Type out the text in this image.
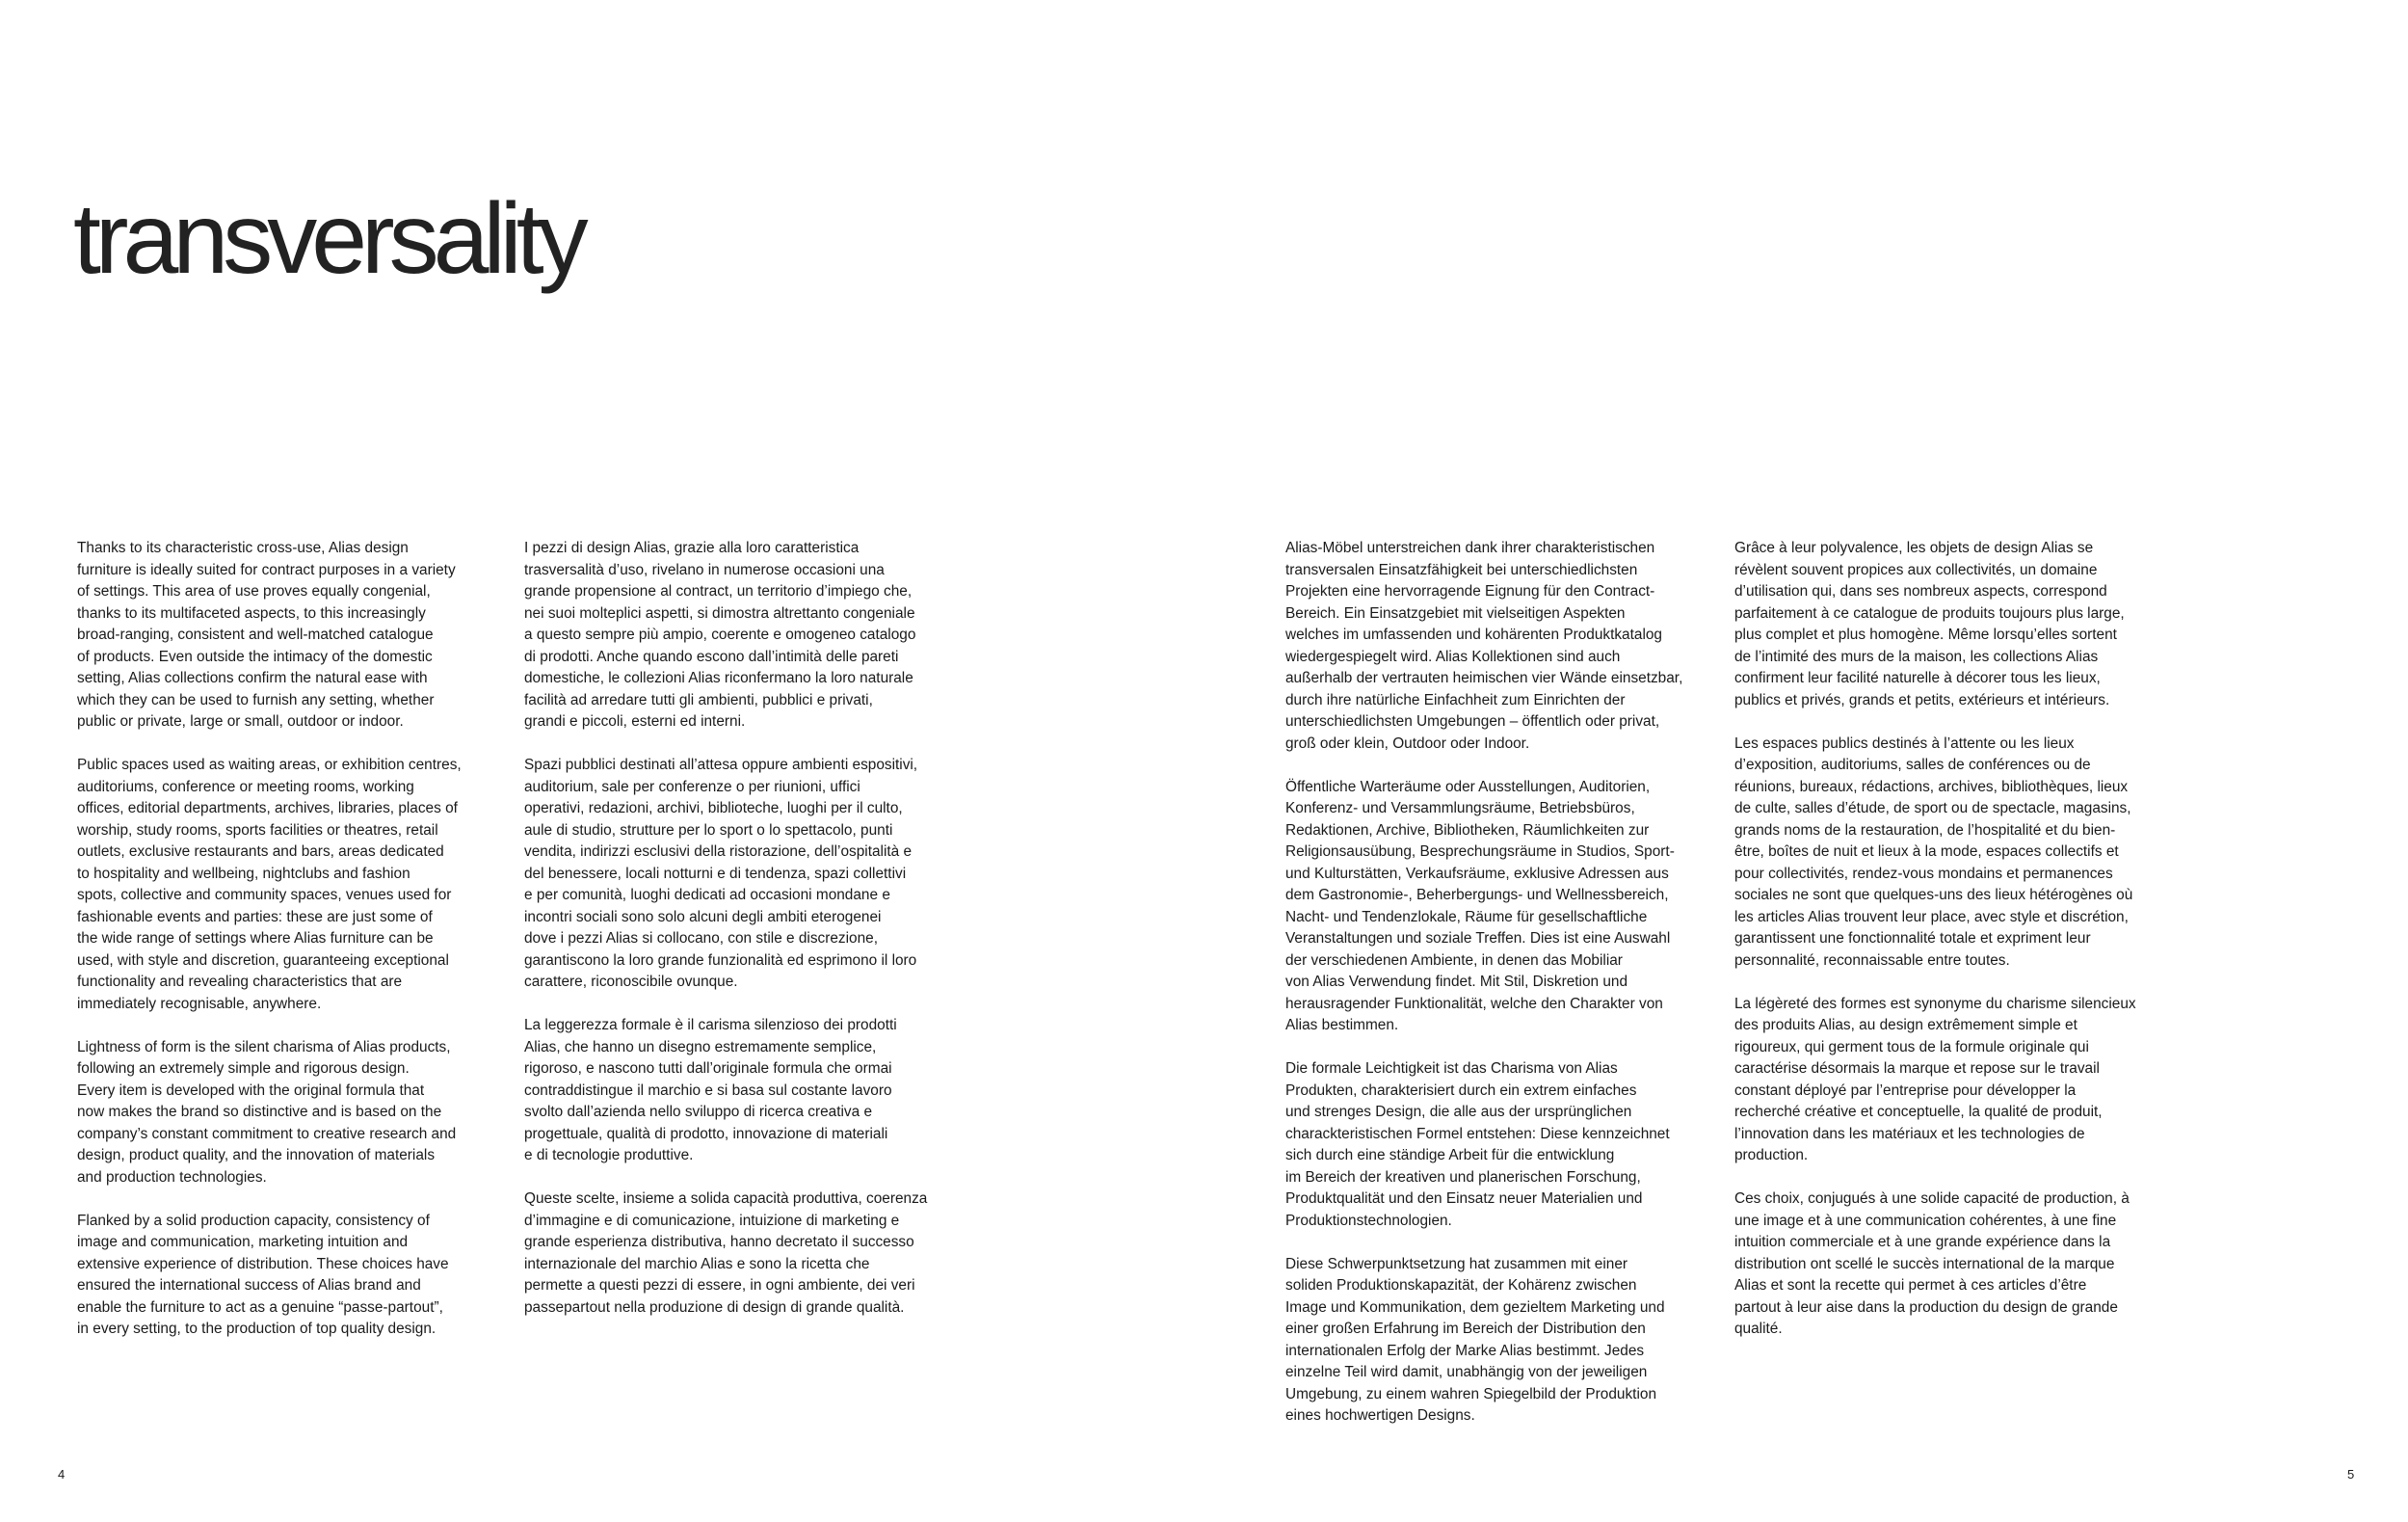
transversality

Thanks to its characteristic cross-use, Alias design
furniture is ideally suited for contract purposes in a variety
of settings. This area of use proves equally congenial,
thanks to its multifaceted aspects, to this increasingly
broad-ranging, consistent and well-matched catalogue
of products. Even outside the intimacy of the domestic
setting, Alias collections confirm the natural ease with
which they can be used to furnish any setting, whether
public or private, large or small, outdoor or indoor.

Public spaces used as waiting areas, or exhibition centres,
auditoriums, conference or meeting rooms, working
offices, editorial departments, archives, libraries, places of
worship, study rooms, sports facilities or theatres, retail
outlets, exclusive restaurants and bars, areas dedicated
to hospitality and wellbeing, nightclubs and fashion
spots, collective and community spaces, venues used for
fashionable events and parties: these are just some of
the wide range of settings where Alias furniture can be
used, with style and discretion, guaranteeing exceptional
functionality and revealing characteristics that are
immediately recognisable, anywhere.

Lightness of form is the silent charisma of Alias products,
following an extremely simple and rigorous design.
Every item is developed with the original formula that
now makes the brand so distinctive and is based on the
company’s constant commitment to creative research and
design, product quality, and the innovation of materials
and production technologies.

Flanked by a solid production capacity, consistency of
image and communication, marketing intuition and
extensive experience of distribution. These choices have
ensured the international success of Alias brand and
enable the furniture to act as a genuine “passe-partout”,
in every setting, to the production of top quality design.

I pezzi di design Alias, grazie alla loro caratteristica
trasversalità d’uso, rivelano in numerose occasioni una
grande propensione al contract, un territorio d’impiego che,
nei suoi molteplici aspetti, si dimostra altrettanto congeniale
a questo sempre più ampio, coerente e omogeneo catalogo
di prodotti. Anche quando escono dall’intimità delle pareti
domestiche, le collezioni Alias riconfermano la loro naturale
facilità ad arredare tutti gli ambienti, pubblici e privati,
grandi e piccoli, esterni ed interni.

Spazi pubblici destinati all’attesa oppure ambienti espositivi,
auditorium, sale per conferenze o per riunioni, uffici
operativi, redazioni, archivi, biblioteche, luoghi per il culto,
aule di studio, strutture per lo sport o lo spettacolo, punti
vendita, indirizzi esclusivi della ristorazione, dell’ospitalità e
del benessere, locali notturni e di tendenza, spazi collettivi
e per comunità, luoghi dedicati ad occasioni mondane e
incontri sociali sono solo alcuni degli ambiti eterogenei
dove i pezzi Alias si collocano, con stile e discrezione,
garantiscono la loro grande funzionalità ed esprimono il loro
carattere, riconoscibile ovunque.

La leggerezza formale è il carisma silenzioso dei prodotti
Alias, che hanno un disegno estremamente semplice,
rigoroso, e nascono tutti dall’originale formula che ormai
contraddistingue il marchio e si basa sul costante lavoro
svolto dall’azienda nello sviluppo di ricerca creativa e
progettuale, qualità di prodotto, innovazione di materiali
e di tecnologie produttive.

Queste scelte, insieme a solida capacità produttiva, coerenza
d’immagine e di comunicazione, intuizione di marketing e
grande esperienza distributiva, hanno decretato il successo
internazionale del marchio Alias e sono la ricetta che
permette a questi pezzi di essere, in ogni ambiente, dei veri
passepartout nella produzione di design di grande qualità.

Alias-Möbel unterstreichen dank ihrer charakteristischen
transversalen Einsatzfähigkeit bei unterschiedlichsten
Projekten eine hervorragende Eignung für den Contract-
Bereich. Ein Einsatzgebiet mit vielseitigen Aspekten
welches im umfassenden und kohärenten Produktkatalog
wiedergespiegelt wird. Alias Kollektionen sind auch
außerhalb der vertrauten heimischen vier Wände einsetzbar,
durch ihre natürliche Einfachheit zum Einrichten der
unterschiedlichsten Umgebungen – öffentlich oder privat,
groß oder klein, Outdoor oder Indoor.

Öffentliche Warteräume oder Ausstellungen, Auditorien,
Konferenz- und Versammlungsräume, Betriebsbüros,
Redaktionen, Archive, Bibliotheken, Räumlichkeiten zur
Religionsausübung, Besprechungsräume in Studios, Sport-
und Kulturstätten, Verkaufsräume, exklusive Adressen aus
dem Gastronomie-, Beherbergungs- und Wellnessbereich,
Nacht- und Tendenzlokale, Räume für gesellschaftliche
Veranstaltungen und soziale Treffen. Dies ist eine Auswahl
der verschiedenen Ambiente, in denen das Mobiliar
von Alias Verwendung findet. Mit Stil, Diskretion und
herausragender Funktionalität, welche den Charakter von
Alias bestimmen.

Die formale Leichtigkeit ist das Charisma von Alias
Produkten, charakterisiert durch ein extrem einfaches
und strenges Design, die alle aus der ursprünglichen
charackteristischen Formel entstehen: Diese kennzeichnet
sich durch eine ständige Arbeit für die entwicklung
im Bereich der kreativen und planerischen Forschung,
Produktqualität und den Einsatz neuer Materialien und
Produktionstechnologien.

Diese Schwerpunktsetzung hat zusammen mit einer
soliden Produktionskapazität, der Kohärenz zwischen
Image und Kommunikation, dem gezieltem Marketing und
einer großen Erfahrung im Bereich der Distribution den
internationalen Erfolg der Marke Alias bestimmt. Jedes
einzelne Teil wird damit, unabhängig von der jeweiligen
Umgebung, zu einem wahren Spiegelbild der Produktion
eines hochwertigen Designs.

Grâce à leur polyvalence, les objets de design Alias se
révèlent souvent propices aux collectivités, un domaine
d’utilisation qui, dans ses nombreux aspects, correspond
parfaitement à ce catalogue de produits toujours plus large,
plus complet et plus homogène. Même lorsqu’elles sortent
de l’intimité des murs de la maison, les collections Alias
confirment leur facilité naturelle à décorer tous les lieux,
publics et privés, grands et petits, extérieurs et intérieurs.

Les espaces publics destinés à l’attente ou les lieux
d’exposition, auditoriums, salles de conférences ou de
réunions, bureaux, rédactions, archives, bibliothèques, lieux
de culte, salles d’étude, de sport ou de spectacle, magasins,
grands noms de la restauration, de l’hospitalité et du bien-
être, boîtes de nuit et lieux à la mode, espaces collectifs et
pour collectivités, rendez-vous mondains et permanences
sociales ne sont que quelques-uns des lieux hétérogènes où
les articles Alias trouvent leur place, avec style et discrétion,
garantissent une fonctionnalité totale et expriment leur
personnalité, reconnaissable entre toutes.

La légèreté des formes est synonyme du charisme silencieux
des produits Alias, au design extrêmement simple et
rigoureux, qui germent tous de la formule originale qui
caractérise désormais la marque et repose sur le travail
constant déployé par l’entreprise pour développer la
recherché créative et conceptuelle, la qualité de produit,
l’innovation dans les matériaux et les technologies de
production.

Ces choix, conjugués à une solide capacité de production, à
une image et à une communication cohérentes, à une fine
intuition commerciale et à une grande expérience dans la
distribution ont scellé le succès international de la marque
Alias et sont la recette qui permet à ces articles d’être
partout à leur aise dans la production du design de grande
qualité.

4	5
